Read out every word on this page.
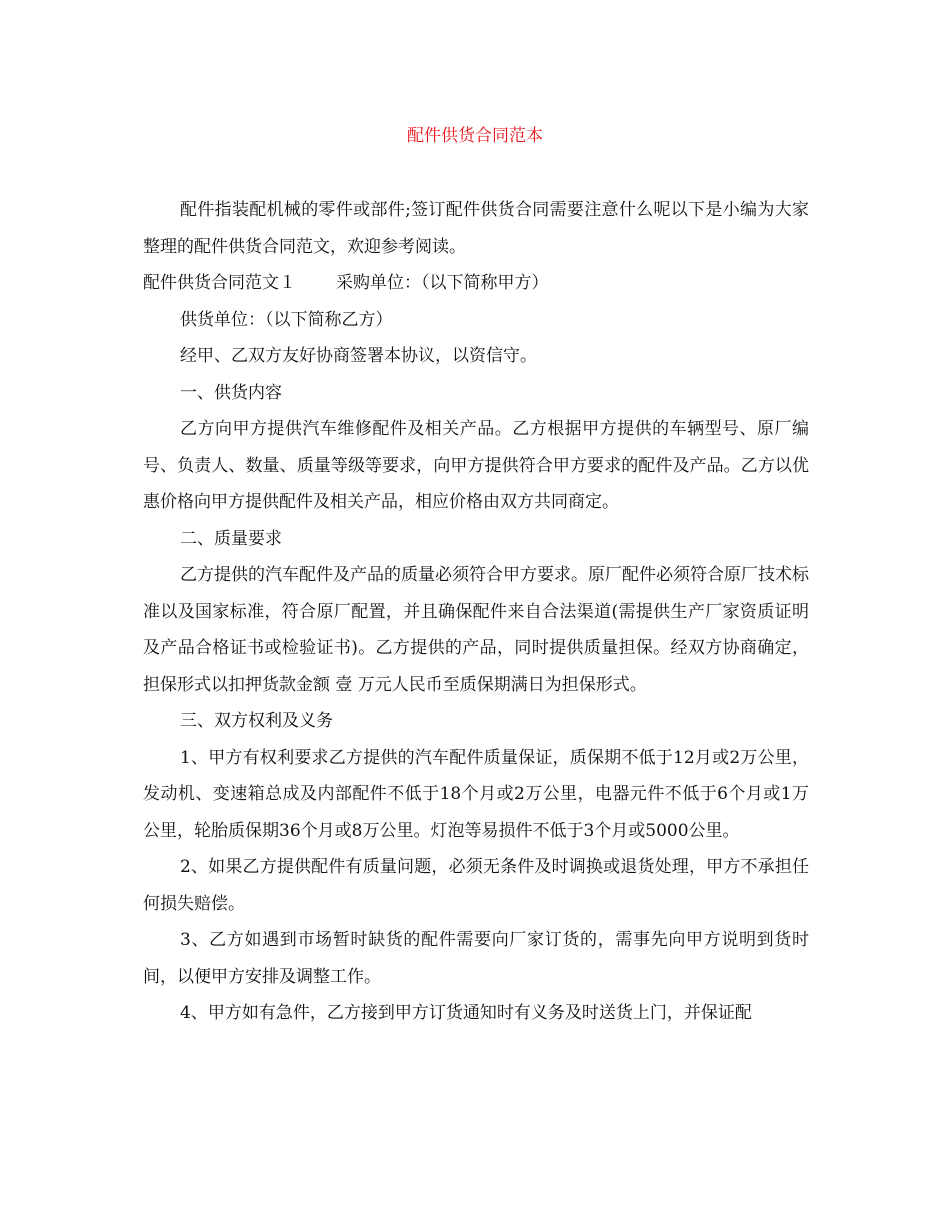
配件供货合同范本

配件指装配机械的零件或部件;签订配件供货合同需要注意什么呢以下是小编为大家整理的配件供货合同范文，欢迎参考阅读。

配件供货合同范文１ 采购单位：（以下简称甲方）

供货单位：（以下简称乙方）

经甲、乙双方友好协商签署本协议，以资信守。

一、供货内容

乙方向甲方提供汽车维修配件及相关产品。乙方根据甲方提供的车辆型号、原厂编号、负责人、数量、质量等级等要求，向甲方提供符合甲方要求的配件及产品。乙方以优惠价格向甲方提供配件及相关产品，相应价格由双方共同商定。

二、质量要求

乙方提供的汽车配件及产品的质量必须符合甲方要求。原厂配件必须符合原厂技术标准以及国家标准，符合原厂配置，并且确保配件来自合法渠道(需提供生产厂家资质证明及产品合格证书或检验证书)。乙方提供的产品，同时提供质量担保。经双方协商确定，担保形式以扣押货款金额 壹 万元人民币至质保期满日为担保形式。

三、双方权利及义务

1、甲方有权利要求乙方提供的汽车配件质量保证，质保期不低于12月或2万公里，发动机、变速箱总成及内部配件不低于18个月或2万公里，电器元件不低于6个月或1万公里，轮胎质保期36个月或8万公里。灯泡等易损件不低于3个月或5000公里。

2、如果乙方提供配件有质量问题，必须无条件及时调换或退货处理，甲方不承担任何损失赔偿。

3、乙方如遇到市场暂时缺货的配件需要向厂家订货的，需事先向甲方说明到货时间，以便甲方安排及调整工作。

4、甲方如有急件，乙方接到甲方订货通知时有义务及时送货上门，并保证配
